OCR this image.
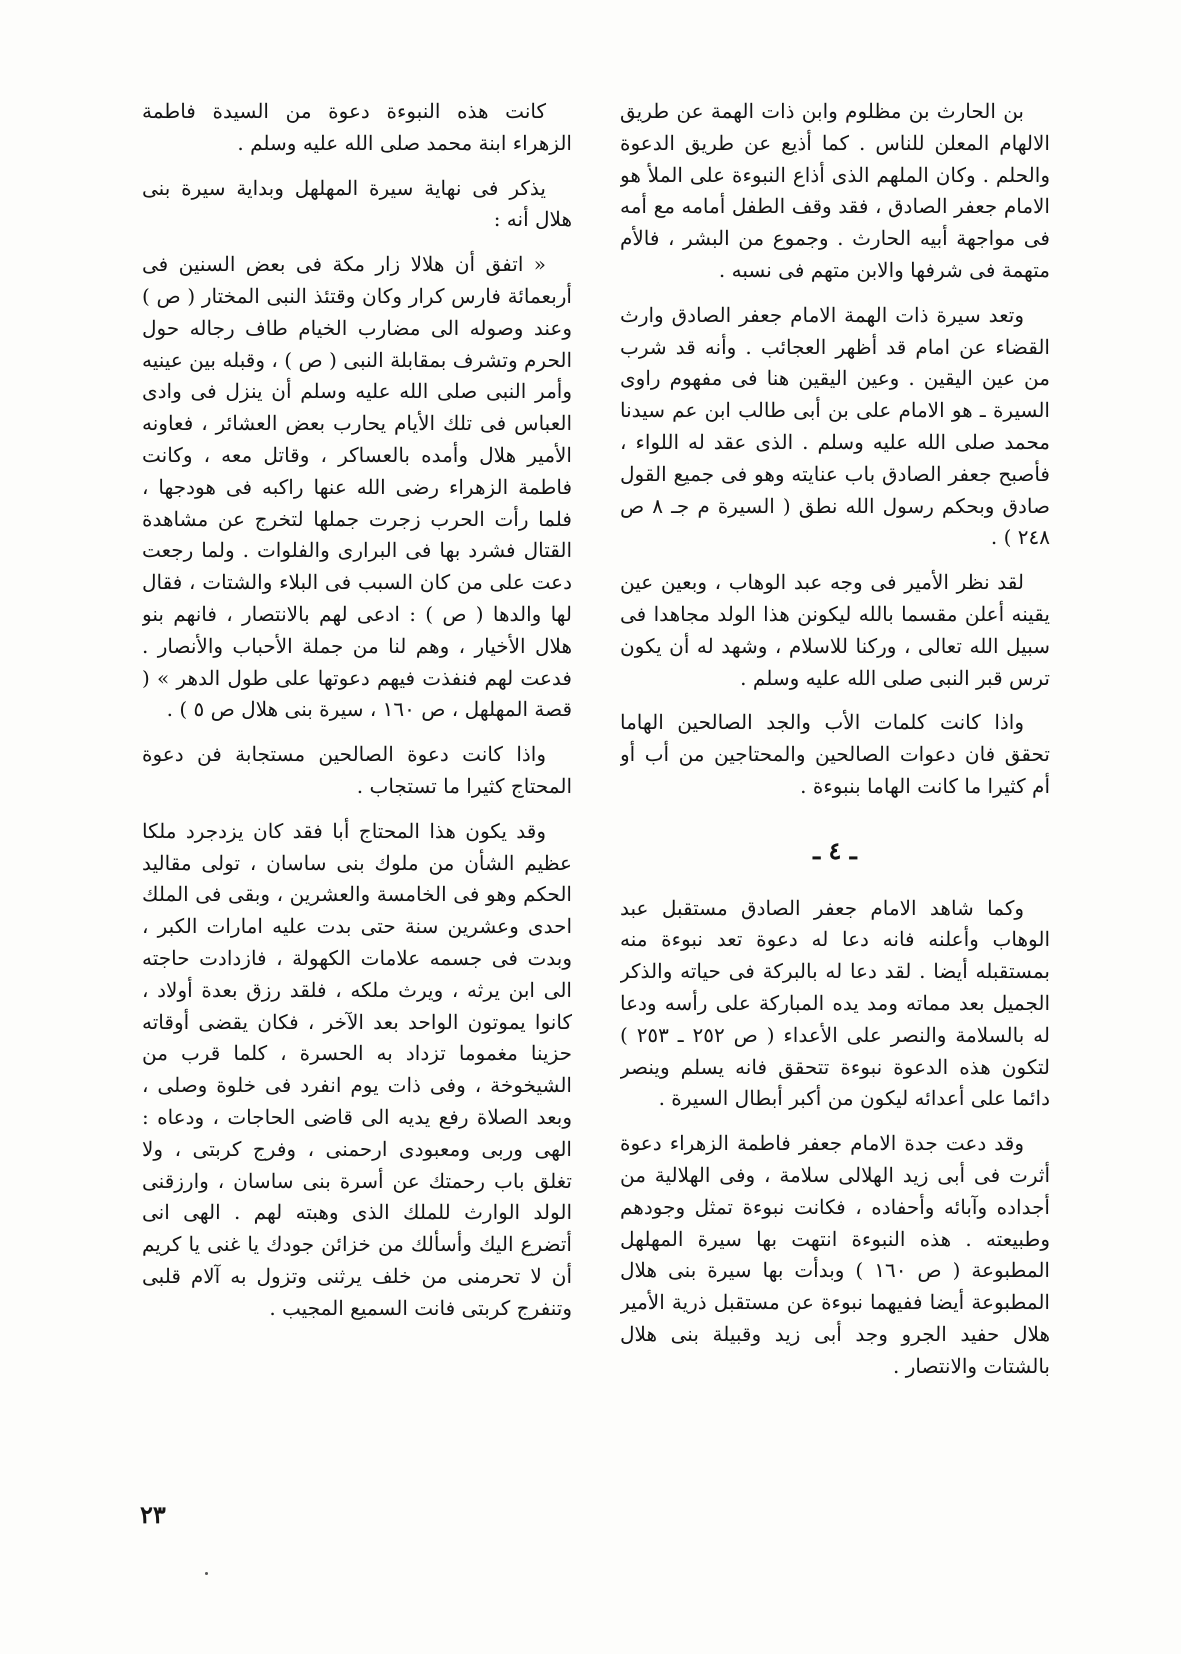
بن الحارث بن مظلوم وابن ذات الهمة عن طريق الالهام المعلن للناس . كما أذيع عن طريق الدعوة والحلم . وكان الملهم الذى أذاع النبوءة على الملأ هو الامام جعفر الصادق ، فقد وقف الطفل أمامه مع أمه فى مواجهة أبيه الحارث . وجموع من البشر ، فالأم متهمة فى شرفها والابن متهم فى نسبه .

وتعد سيرة ذات الهمة الامام جعفر الصادق وارث القضاء عن امام قد أظهر العجائب . وأنه قد شرب من عين اليقين . وعين اليقين هنا فى مفهوم راوى السيرة ـ هو الامام على بن أبى طالب ابن عم سيدنا محمد صلى الله عليه وسلم . الذى عقد له اللواء ، فأصبح جعفر الصادق باب عنايته وهو فى جميع القول صادق وبحكم رسول الله نطق ( السيرة م جـ ٨ ص ٢٤٨ ) .

لقد نظر الأمير فى وجه عبد الوهاب ، وبعين عين يقينه أعلن مقسما بالله ليكونن هذا الولد مجاهدا فى سبيل الله تعالى ، وركنا للاسلام ، وشهد له أن يكون ترس قبر النبى صلى الله عليه وسلم .

واذا كانت كلمات الأب والجد الصالحين الهاما تحقق فان دعوات الصالحين والمحتاجين من أب أو أم كثيرا ما كانت الهاما بنبوءة .

ـ ٤ ـ

وكما شاهد الامام جعفر الصادق مستقبل عبد الوهاب وأعلنه فانه دعا له دعوة تعد نبوءة منه بمستقبله أيضا . لقد دعا له بالبركة فى حياته والذكر الجميل بعد مماته ومد يده المباركة على رأسه ودعا له بالسلامة والنصر على الأعداء ( ص ٢٥٢ ـ ٢٥٣ ) لتكون هذه الدعوة نبوءة تتحقق فانه يسلم وينصر دائما على أعدائه ليكون من أكبر أبطال السيرة .

وقد دعت جدة الامام جعفر فاطمة الزهراء دعوة أثرت فى أبى زيد الهلالى سلامة ، وفى الهلالية من أجداده وآبائه وأحفاده ، فكانت نبوءة تمثل وجودهم وطبيعته . هذه النبوءة انتهت بها سيرة المهلهل المطبوعة ( ص ١٦٠ ) وبدأت بها سيرة بنى هلال المطبوعة أيضا ففيهما نبوءة عن مستقبل ذرية الأمير هلال حفيد الجرو وجد أبى زيد وقبيلة بنى هلال بالشتات والانتصار .

كانت هذه النبوءة دعوة من السيدة فاطمة الزهراء ابنة محمد صلى الله عليه وسلم .

يذكر فى نهاية سيرة المهلهل وبداية سيرة بنى هلال أنه :

« اتفق أن هلالا زار مكة فى بعض السنين فى أربعمائة فارس كرار وكان وقتئذ النبى المختار ( ص ) وعند وصوله الى مضارب الخيام طاف رجاله حول الحرم وتشرف بمقابلة النبى ( ص ) ، وقبله بين عينيه وأمر النبى صلى الله عليه وسلم أن ينزل فى وادى العباس فى تلك الأيام يحارب بعض العشائر ، فعاونه الأمير هلال وأمده بالعساكر ، وقاتل معه ، وكانت فاطمة الزهراء رضى الله عنها راكبه فى هودجها ، فلما رأت الحرب زجرت جملها لتخرج عن مشاهدة القتال فشرد بها فى البرارى والفلوات . ولما رجعت دعت على من كان السبب فى البلاء والشتات ، فقال لها والدها ( ص ) : ادعى لهم بالانتصار ، فانهم بنو هلال الأخيار ، وهم لنا من جملة الأحباب والأنصار . فدعت لهم فنفذت فيهم دعوتها على طول الدهر » ( قصة المهلهل ، ص ١٦٠ ، سيرة بنى هلال ص ٥ ) .

واذا كانت دعوة الصالحين مستجابة فن دعوة المحتاج كثيرا ما تستجاب .

وقد يكون هذا المحتاج أبا فقد كان يزدجرد ملكا عظيم الشأن من ملوك بنى ساسان ، تولى مقاليد الحكم وهو فى الخامسة والعشرين ، وبقى فى الملك احدى وعشرين سنة حتى بدت عليه امارات الكبر ، وبدت فى جسمه علامات الكهولة ، فازدادت حاجته الى ابن يرثه ، ويرث ملكه ، فلقد رزق بعدة أولاد ، كانوا يموتون الواحد بعد الآخر ، فكان يقضى أوقاته حزينا مغموما تزداد به الحسرة ، كلما قرب من الشيخوخة ، وفى ذات يوم انفرد فى خلوة وصلى ، وبعد الصلاة رفع يديه الى قاضى الحاجات ، ودعاه : الهى وربى ومعبودى ارحمنى ، وفرج كربتى ، ولا تغلق باب رحمتك عن أسرة بنى ساسان ، وارزقنى الولد الوارث للملك الذى وهبته لهم . الهى انى أتضرع اليك وأسألك من خزائن جودك يا غنى يا كريم أن لا تحرمنى من خلف يرثنى وتزول به آلام قلبى وتنفرج كربتى فانت السميع المجيب .

٢٣
